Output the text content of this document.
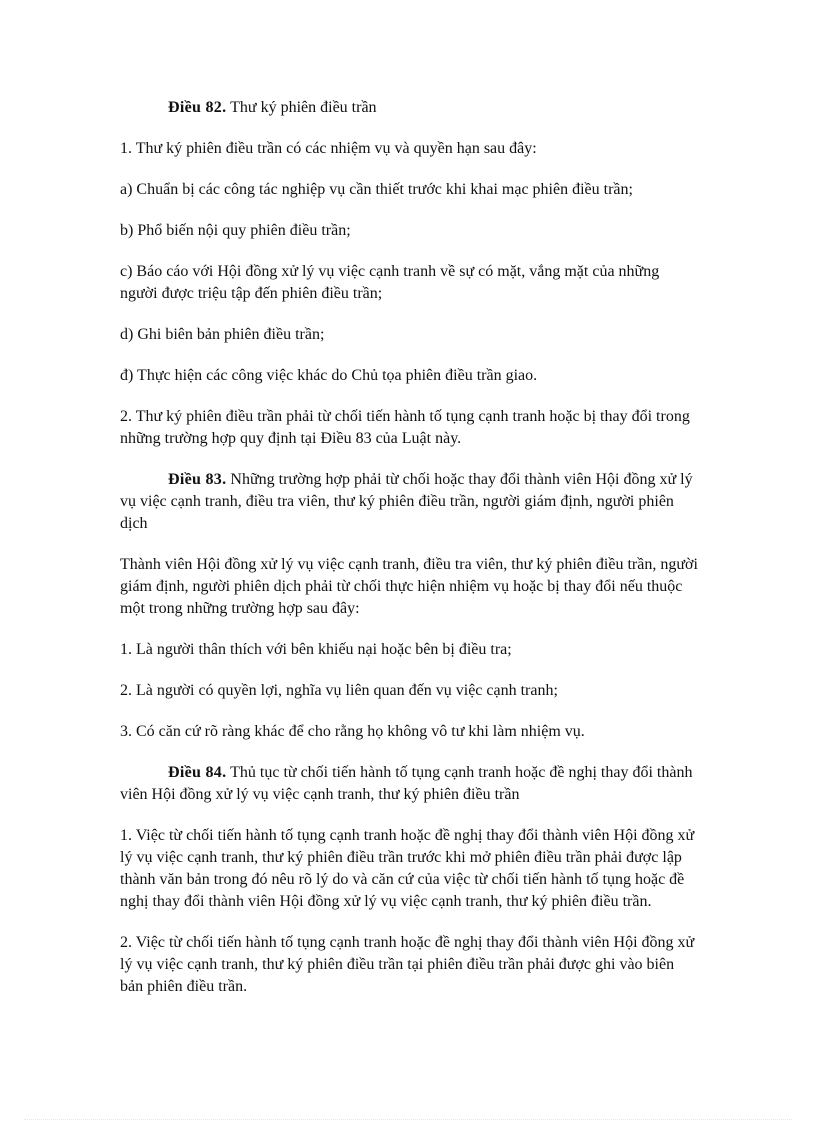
Điều 82. Thư ký phiên điều trần

1. Thư ký phiên điều trần có các nhiệm vụ và quyền hạn sau đây:

a) Chuẩn bị các công tác nghiệp vụ cần thiết trước khi khai mạc phiên điều trần;

b) Phổ biến nội quy phiên điều trần;

c) Báo cáo với Hội đồng xử lý vụ việc cạnh tranh về sự có mặt, vắng mặt của những người được triệu tập đến phiên điều trần;

d) Ghi biên bản phiên điều trần;

đ) Thực hiện các công việc khác do Chủ tọa phiên điều trần giao.

2. Thư ký phiên điều trần phải từ chối tiến hành tố tụng cạnh tranh hoặc bị thay đổi trong những trường hợp quy định tại Điều 83 của Luật này.

Điều 83. Những trường hợp phải từ chối hoặc thay đổi thành viên Hội đồng xử lý vụ việc cạnh tranh, điều tra viên, thư ký phiên điều trần, người giám định, người phiên dịch

Thành viên Hội đồng xử lý vụ việc cạnh tranh, điều tra viên, thư ký phiên điều trần, người giám định, người phiên dịch phải từ chối thực hiện nhiệm vụ hoặc bị thay đổi nếu thuộc một trong những trường hợp sau đây:

1. Là người thân thích với bên khiếu nại hoặc bên bị điều tra;

2. Là người có quyền lợi, nghĩa vụ liên quan đến vụ việc cạnh tranh;

3. Có căn cứ rõ ràng khác để cho rằng họ không vô tư khi làm nhiệm vụ.

Điều 84. Thủ tục từ chối tiến hành tố tụng cạnh tranh hoặc đề nghị thay đổi thành viên Hội đồng xử lý vụ việc cạnh tranh, thư ký phiên điều trần

1. Việc từ chối tiến hành tố tụng cạnh tranh hoặc đề nghị thay đổi thành viên Hội đồng xử lý vụ việc cạnh tranh, thư ký phiên điều trần trước khi mở phiên điều trần phải được lập thành văn bản trong đó nêu rõ lý do và căn cứ của việc từ chối tiến hành tố tụng hoặc đề nghị thay đổi thành viên Hội đồng xử lý vụ việc cạnh tranh, thư ký phiên điều trần.

2. Việc từ chối tiến hành tố tụng cạnh tranh hoặc đề nghị thay đổi thành viên Hội đồng xử lý vụ việc cạnh tranh, thư ký phiên điều trần tại phiên điều trần phải được ghi vào biên bản phiên điều trần.
